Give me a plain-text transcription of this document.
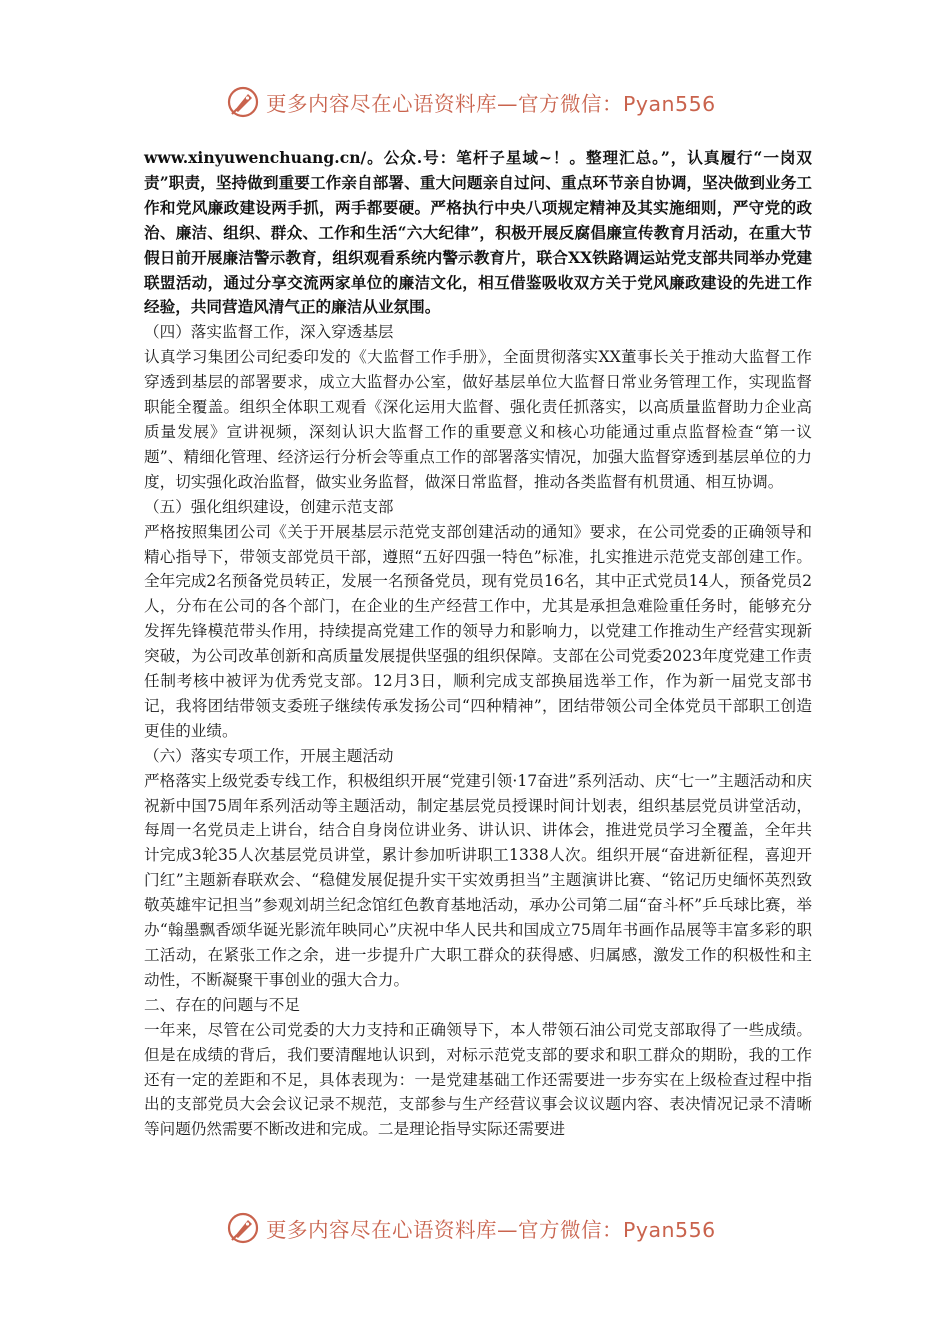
更多内容尽在心语资料库—官方微信：Pyan556

www.xinyuwenchuang.cn/。公众.号：笔杆子星域~！。整理汇总。”，认真履行“一岗双责”职责，坚持做到重要工作亲自部署、重大问题亲自过问、重点环节亲自协调，坚决做到业务工作和党风廉政建设两手抓，两手都要硬。严格执行中央八项规定精神及其实施细则，严守党的政治、廉洁、组织、群众、工作和生活“六大纪律”，积极开展反腐倡廉宣传教育月活动，在重大节假日前开展廉洁警示教育，组织观看系统内警示教育片，联合XX铁路调运站党支部共同举办党建联盟活动，通过分享交流两家单位的廉洁文化，相互借鉴吸收双方关于党风廉政建设的先进工作经验，共同营造风清气正的廉洁从业氛围。

（四）落实监督工作，深入穿透基层

认真学习集团公司纪委印发的《大监督工作手册》，全面贯彻落实XX董事长关于推动大监督工作穿透到基层的部署要求，成立大监督办公室，做好基层单位大监督日常业务管理工作，实现监督职能全覆盖。组织全体职工观看《深化运用大监督、强化责任抓落实，以高质量监督助力企业高质量发展》宣讲视频，深刻认识大监督工作的重要意义和核心功能通过重点监督检查“第一议题”、精细化管理、经济运行分析会等重点工作的部署落实情况，加强大监督穿透到基层单位的力度，切实强化政治监督，做实业务监督，做深日常监督，推动各类监督有机贯通、相互协调。

（五）强化组织建设，创建示范支部

严格按照集团公司《关于开展基层示范党支部创建活动的通知》要求，在公司党委的正确领导和精心指导下，带领支部党员干部，遵照“五好四强一特色”标准，扎实推进示范党支部创建工作。全年完成2名预备党员转正，发展一名预备党员，现有党员16名，其中正式党员14人，预备党员2人，分布在公司的各个部门，在企业的生产经营工作中，尤其是承担急难险重任务时，能够充分发挥先锋模范带头作用，持续提高党建工作的领导力和影响力，以党建工作推动生产经营实现新突破，为公司改革创新和高质量发展提供坚强的组织保障。支部在公司党委2023年度党建工作责任制考核中被评为优秀党支部。12月3日，顺利完成支部换届选举工作，作为新一届党支部书记，我将团结带领支委班子继续传承发扬公司“四种精神”，团结带领公司全体党员干部职工创造更佳的业绩。

（六）落实专项工作，开展主题活动

严格落实上级党委专线工作，积极组织开展“党建引领·17奋进”系列活动、庆“七一”主题活动和庆祝新中国75周年系列活动等主题活动，制定基层党员授课时间计划表，组织基层党员讲堂活动，每周一名党员走上讲台，结合自身岗位讲业务、讲认识、讲体会，推进党员学习全覆盖，全年共计完成3轮35人次基层党员讲堂，累计参加听讲职工1338人次。组织开展“奋进新征程，喜迎开门红”主题新春联欢会、“稳健发展促提升实干实效勇担当”主题演讲比赛、“铭记历史缅怀英烈致敬英雄牢记担当”参观刘胡兰纪念馆红色教育基地活动，承办公司第二届“奋斗杯”乒乓球比赛，举办“翰墨飘香颂华诞光影流年映同心”庆祝中华人民共和国成立75周年书画作品展等丰富多彩的职工活动，在紧张工作之余，进一步提升广大职工群众的获得感、归属感，激发工作的积极性和主动性，不断凝聚干事创业的强大合力。

二、存在的问题与不足

一年来，尽管在公司党委的大力支持和正确领导下，本人带领石油公司党支部取得了一些成绩。但是在成绩的背后，我们要清醒地认识到，对标示范党支部的要求和职工群众的期盼，我的工作还有一定的差距和不足，具体表现为：一是党建基础工作还需要进一步夯实在上级检查过程中指出的支部党员大会会议记录不规范，支部参与生产经营议事会议议题内容、表决情况记录不清晰等问题仍然需要不断改进和完成。二是理论指导实际还需要进

更多内容尽在心语资料库—官方微信：Pyan556
